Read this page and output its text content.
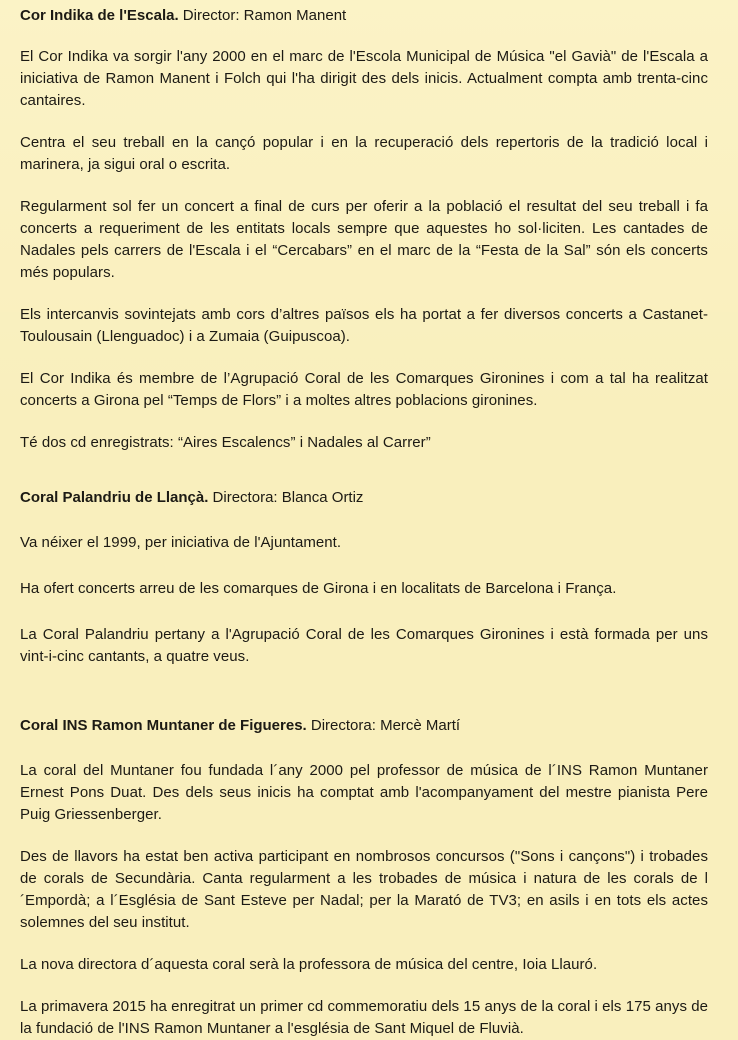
Cor Indika de l'Escala. Director: Ramon Manent

El Cor Indika va sorgir l'any 2000 en el marc de l'Escola Municipal de Música "el Gavià" de l'Escala a iniciativa de Ramon Manent i Folch qui l'ha dirigit des dels inicis. Actualment compta amb trenta-cinc cantaires.

Centra el seu treball en la cançó popular i en la recuperació dels repertoris de la tradició local i marinera, ja sigui oral o escrita.

Regularment sol fer un concert a final de curs per oferir a la població el resultat del seu treball i fa concerts a requeriment de les entitats locals sempre que aquestes ho sol·liciten. Les cantades de Nadales pels carrers de l'Escala i el “Cercabars” en el marc de la “Festa de la Sal” són els concerts més populars.

Els intercanvis sovintejats amb cors d’altres països els ha portat a fer diversos concerts a Castanet-Toulousain (Llenguadoc) i a Zumaia (Guipuscoa).

El Cor Indika és membre de l’Agrupació Coral de les Comarques Gironines i com a tal ha realitzat concerts a Girona pel “Temps de Flors” i a moltes altres poblacions gironines.

Té dos cd enregistrats: “Aires Escalencs” i Nadales al Carrer”

Coral Palandriu de Llançà. Directora: Blanca Ortiz

Va néixer el 1999, per iniciativa de l'Ajuntament.

Ha ofert concerts arreu de les comarques de Girona i en localitats de Barcelona i França.

La Coral Palandriu pertany a l'Agrupació Coral de les Comarques Gironines i està formada per uns vint-i-cinc cantants, a quatre veus.

Coral INS Ramon Muntaner de Figueres. Directora: Mercè Martí

La coral del Muntaner fou fundada l´any 2000 pel professor de música de l´INS Ramon Muntaner Ernest Pons Duat. Des dels seus inicis ha comptat amb l'acompanyament del mestre pianista Pere Puig Griessenberger.

Des de llavors ha estat ben activa participant en nombrosos concursos ("Sons i cançons") i trobades de corals de Secundària. Canta regularment a les trobades de música i natura de les corals de l´Empordà; a l´Església de Sant Esteve per Nadal; per la Marató de TV3; en asils i en tots els actes solemnes del seu institut.

La nova directora d´aquesta coral serà la professora de música del centre, Ioia Llauró.

La primavera 2015 ha enregitrat un primer cd commemoratiu dels 15 anys de la coral i els 175 anys de la fundació de l'INS Ramon Muntaner a l'església de Sant Miquel de Fluvià.
